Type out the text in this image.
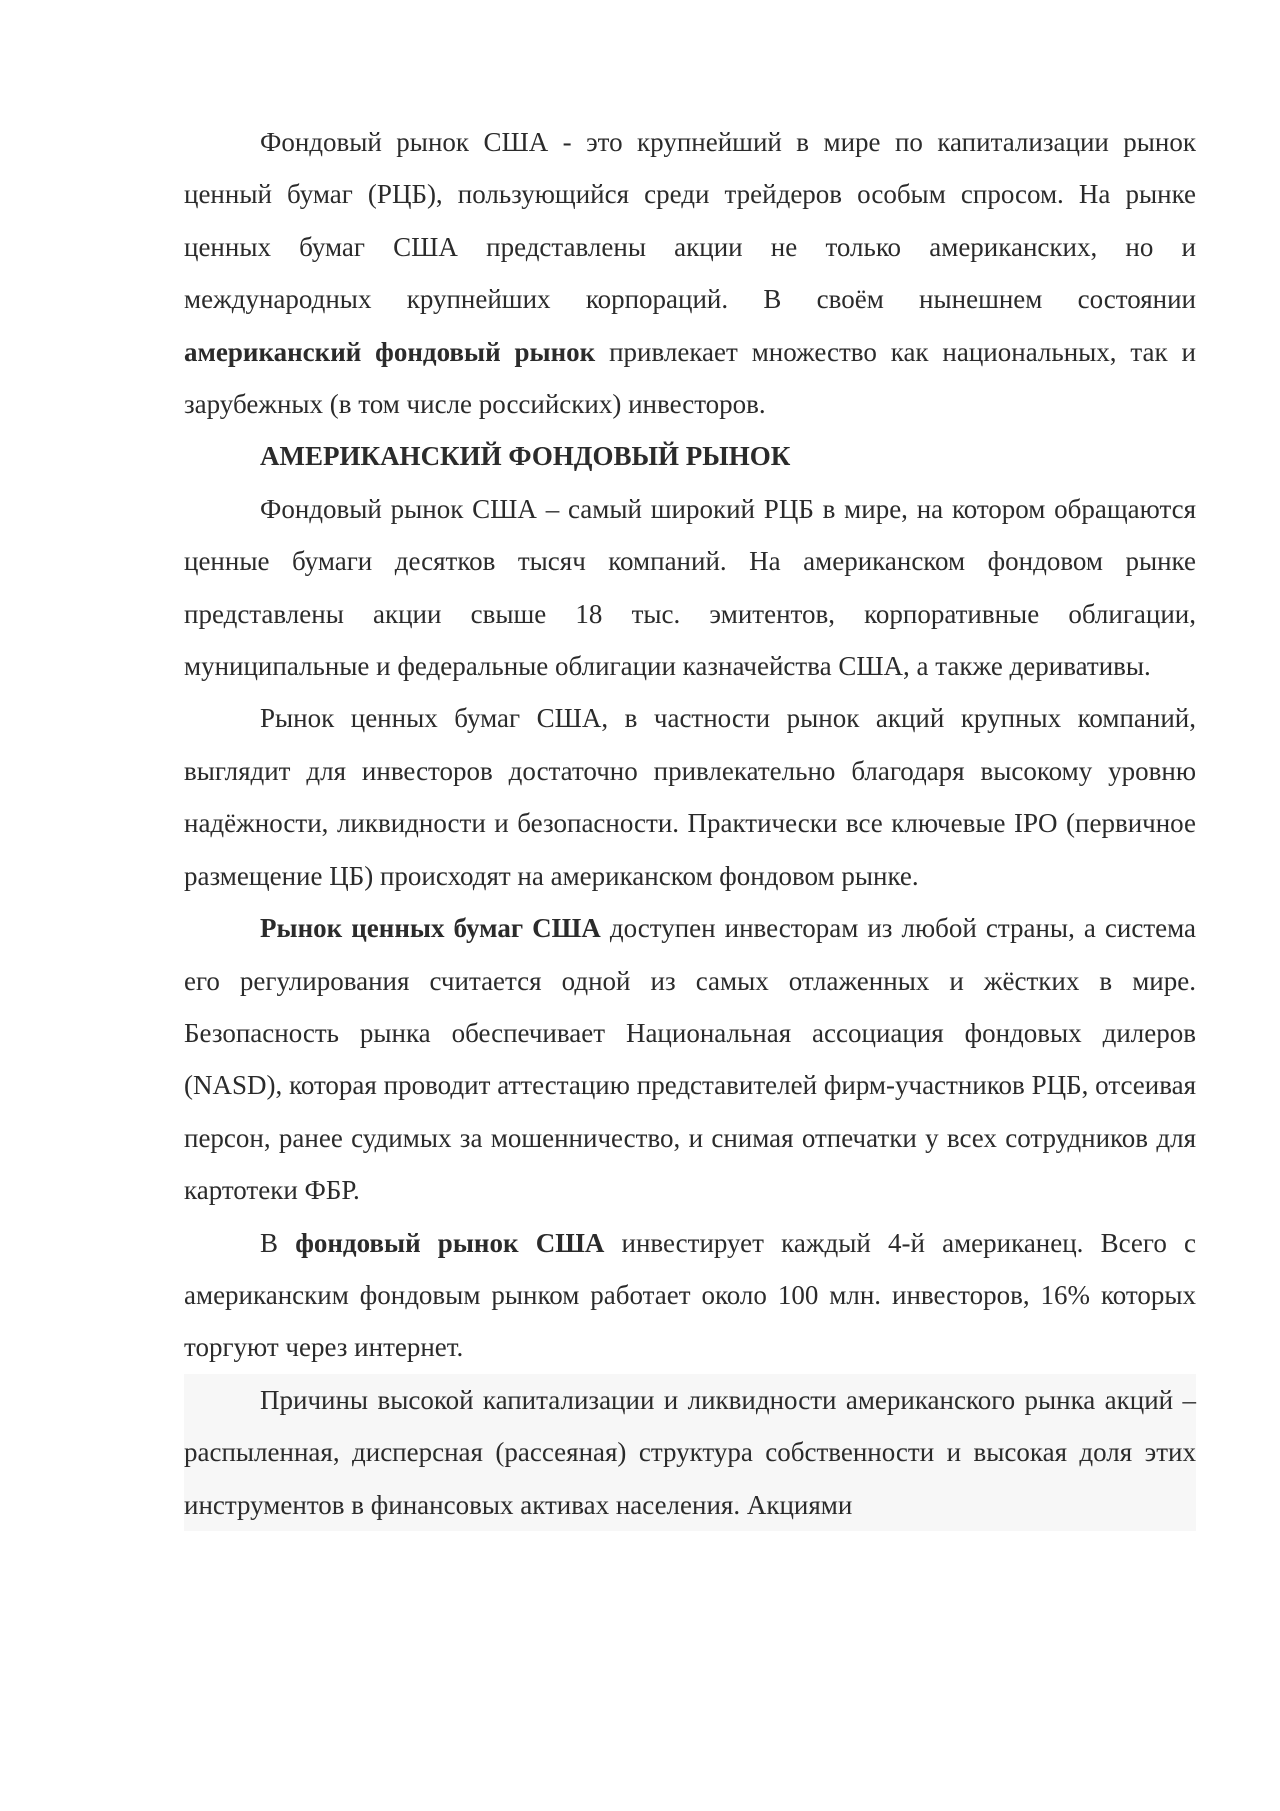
Фондовый рынок США - это крупнейший в мире по капитализации рынок ценный бумаг (РЦБ), пользующийся среди трейдеров особым спросом. На рынке ценных бумаг США представлены акции не только американских, но и международных крупнейших корпораций. В своём нынешнем состоянии американский фондовый рынок привлекает множество как национальных, так и зарубежных (в том числе российских) инвесторов.

АМЕРИКАНСКИЙ ФОНДОВЫЙ РЫНОК

Фондовый рынок США – самый широкий РЦБ в мире, на котором обращаются ценные бумаги десятков тысяч компаний. На американском фондовом рынке представлены акции свыше 18 тыс. эмитентов, корпоративные облигации, муниципальные и федеральные облигации казначейства США, а также деривативы.

Рынок ценных бумаг США, в частности рынок акций крупных компаний, выглядит для инвесторов достаточно привлекательно благодаря высокому уровню надёжности, ликвидности и безопасности. Практически все ключевые IPO (первичное размещение ЦБ) происходят на американском фондовом рынке.

Рынок ценных бумаг США доступен инвесторам из любой страны, а система его регулирования считается одной из самых отлаженных и жёстких в мире. Безопасность рынка обеспечивает Национальная ассоциация фондовых дилеров (NASD), которая проводит аттестацию представителей фирм-участников РЦБ, отсеивая персон, ранее судимых за мошенничество, и снимая отпечатки у всех сотрудников для картотеки ФБР.

В фондовый рынок США инвестирует каждый 4-й американец. Всего с американским фондовым рынком работает около 100 млн. инвесторов, 16% которых торгуют через интернет.

Причины высокой капитализации и ликвидности американского рынка акций – распыленная, дисперсная (рассеяная) структура собственности и высокая доля этих инструментов в финансовых активах населения. Акциями
